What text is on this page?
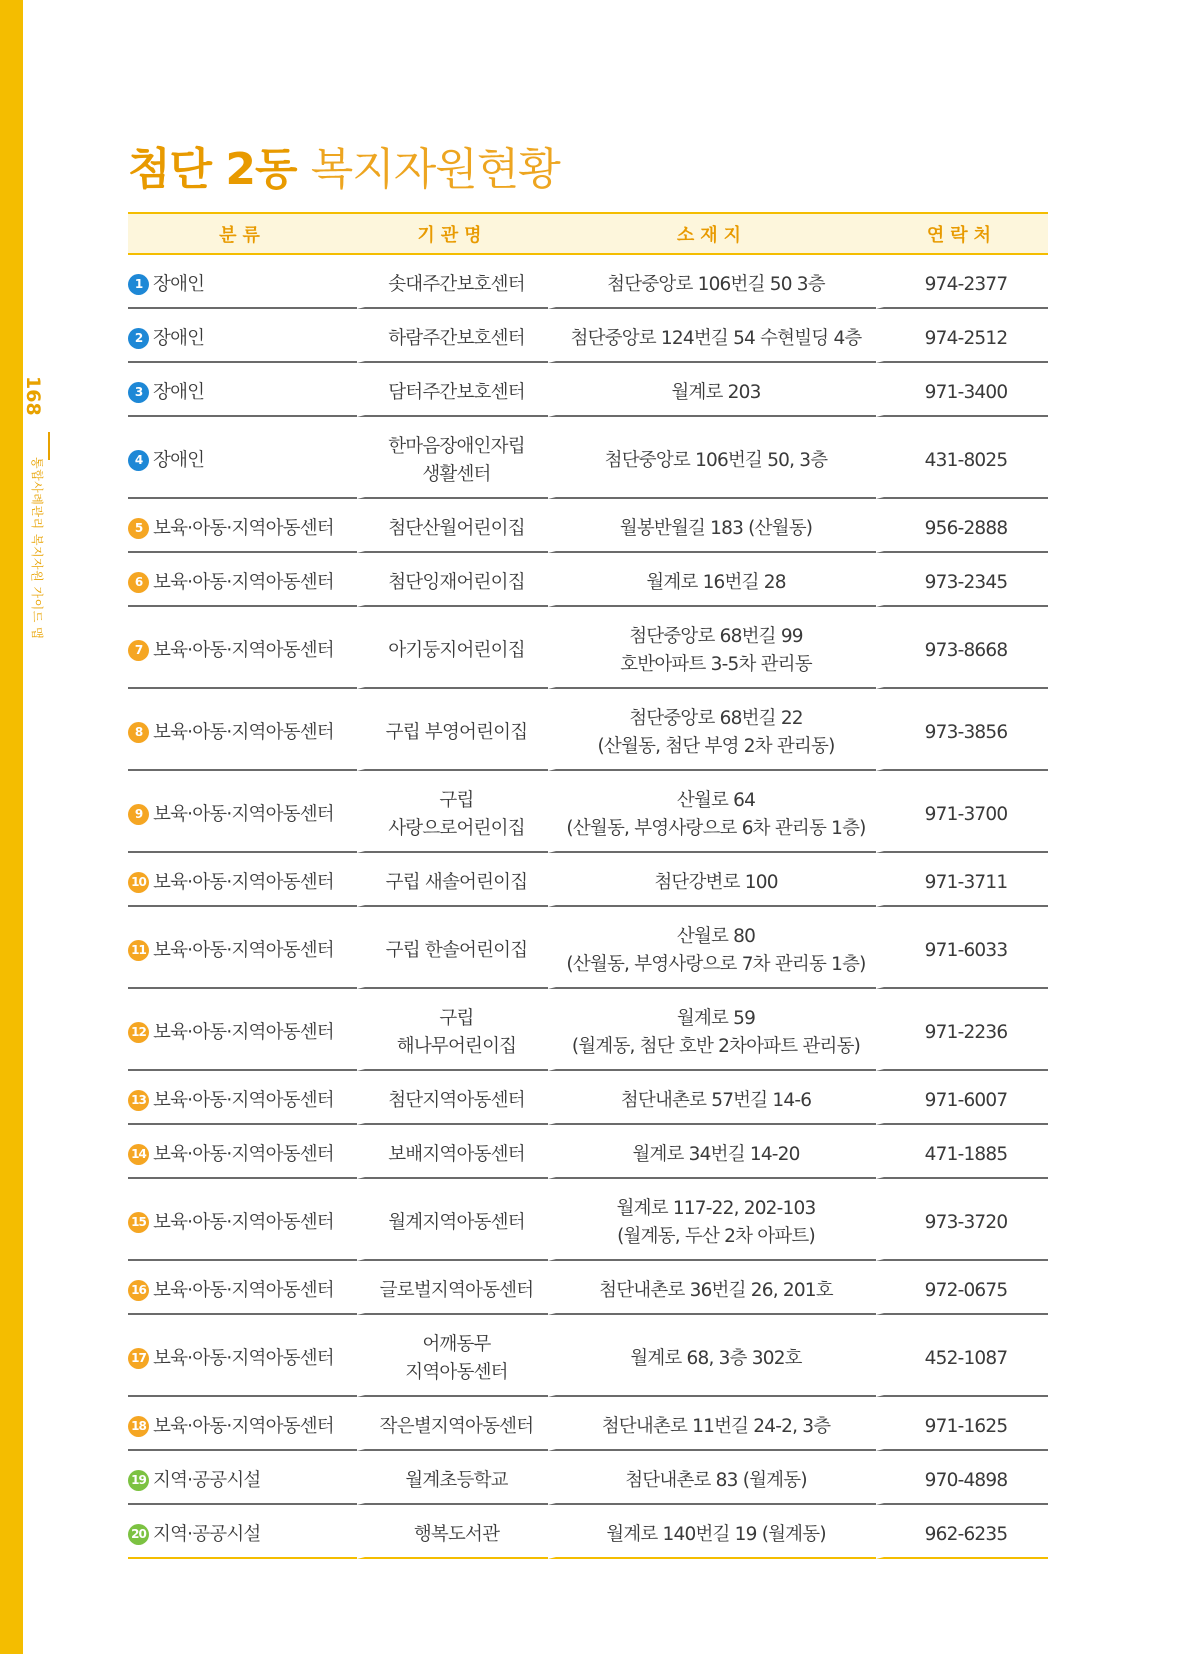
168
통합사례관리 복지자원 가이드 맵
첨단 2동 복지자원현황
분류	기관명	소재지	연락처
1 장애인	솟대주간보호센터	첨단중앙로 106번길 50 3층	974-2377
2 장애인	하람주간보호센터	첨단중앙로 124번길 54 수현빌딩 4층	974-2512
3 장애인	담터주간보호센터	월계로 203	971-3400
4 장애인	한마음장애인자립
생활센터	첨단중앙로 106번길 50, 3층	431-8025
5 보육·아동·지역아동센터	첨단산월어린이집	월봉반월길 183 (산월동)	956-2888
6 보육·아동·지역아동센터	첨단잉재어린이집	월계로 16번길 28	973-2345
7 보육·아동·지역아동센터	아기둥지어린이집	첨단중앙로 68번길 99
호반아파트 3-5차 관리동	973-8668
8 보육·아동·지역아동센터	구립 부영어린이집	첨단중앙로 68번길 22
(산월동, 첨단 부영 2차 관리동)	973-3856
9 보육·아동·지역아동센터	구립
사랑으로어린이집	산월로 64
(산월동, 부영사랑으로 6차 관리동 1층)	971-3700
10 보육·아동·지역아동센터	구립 새솔어린이집	첨단강변로 100	971-3711
11 보육·아동·지역아동센터	구립 한솔어린이집	산월로 80
(산월동, 부영사랑으로 7차 관리동 1층)	971-6033
12 보육·아동·지역아동센터	구립
해나무어린이집	월계로 59
(월계동, 첨단 호반 2차아파트 관리동)	971-2236
13 보육·아동·지역아동센터	첨단지역아동센터	첨단내촌로 57번길 14-6	971-6007
14 보육·아동·지역아동센터	보배지역아동센터	월계로 34번길 14-20	471-1885
15 보육·아동·지역아동센터	월계지역아동센터	월계로 117-22, 202-103
(월계동, 두산 2차 아파트)	973-3720
16 보육·아동·지역아동센터	글로벌지역아동센터	첨단내촌로 36번길 26, 201호	972-0675
17 보육·아동·지역아동센터	어깨동무
지역아동센터	월계로 68, 3층 302호	452-1087
18 보육·아동·지역아동센터	작은별지역아동센터	첨단내촌로 11번길 24-2, 3층	971-1625
19 지역·공공시설	월계초등학교	첨단내촌로 83 (월계동)	970-4898
20 지역·공공시설	행복도서관	월계로 140번길 19 (월계동)	962-6235
